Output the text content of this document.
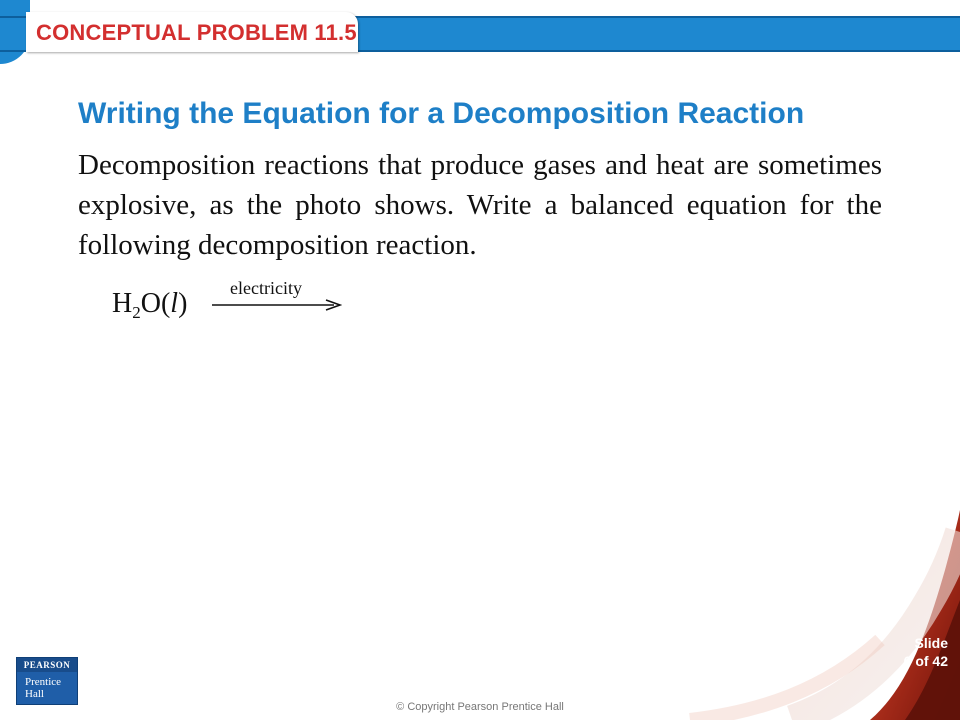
CONCEPTUAL PROBLEM 11.5
Writing the Equation for a Decomposition Reaction
Decomposition reactions that produce gases and heat are sometimes explosive, as the photo shows. Write a balanced equation for the following decomposition reaction.
$H_2O(l)$ electricity
PEARSON
Prentice
Hall
Slide
6 of 42
© Copyright Pearson Prentice Hall
